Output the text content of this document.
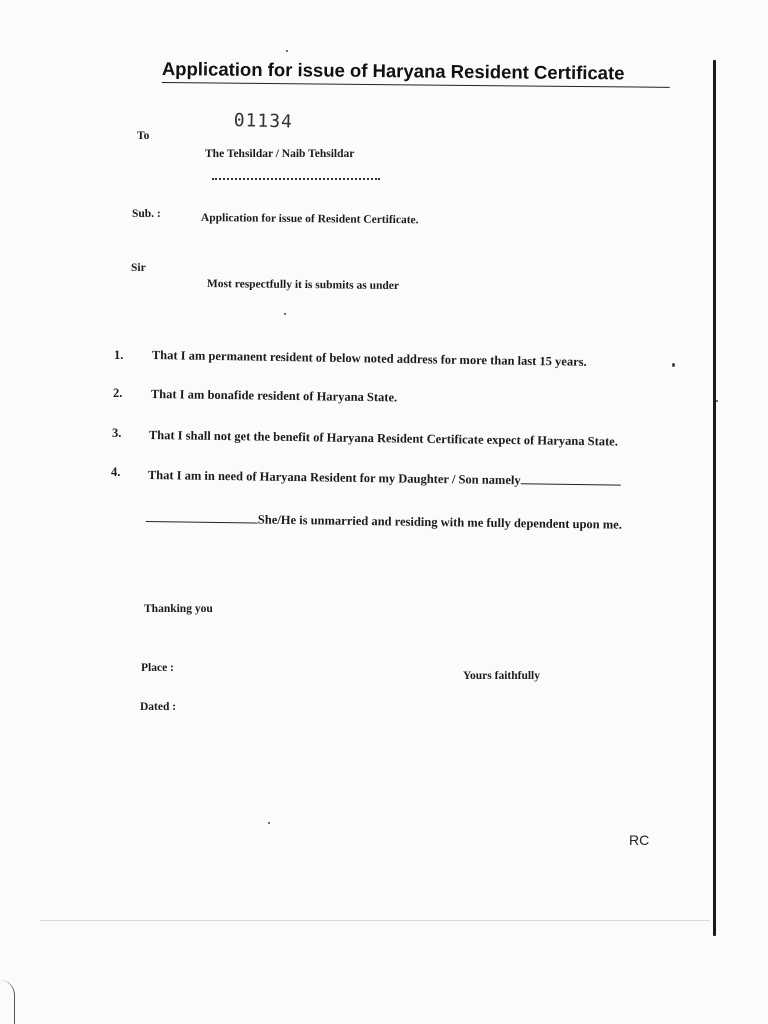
Application for issue of Haryana Resident Certificate
01134
To
The Tehsildar / Naib Tehsildar
Sub. :	Application for issue of Resident Certificate.
Sir
Most respectfully it is submits as under
1. That I am permanent resident of below noted address for more than last 15 years.
2. That I am bonafide resident of Haryana State.
3. That I shall not get the benefit of Haryana Resident Certificate expect of Haryana State.
4. That I am in need of Haryana Resident for my Daughter / Son namely
She/He is unmarried and residing with me fully dependent upon me.
Thanking you
Place :
Yours faithfully
Dated :
RC
